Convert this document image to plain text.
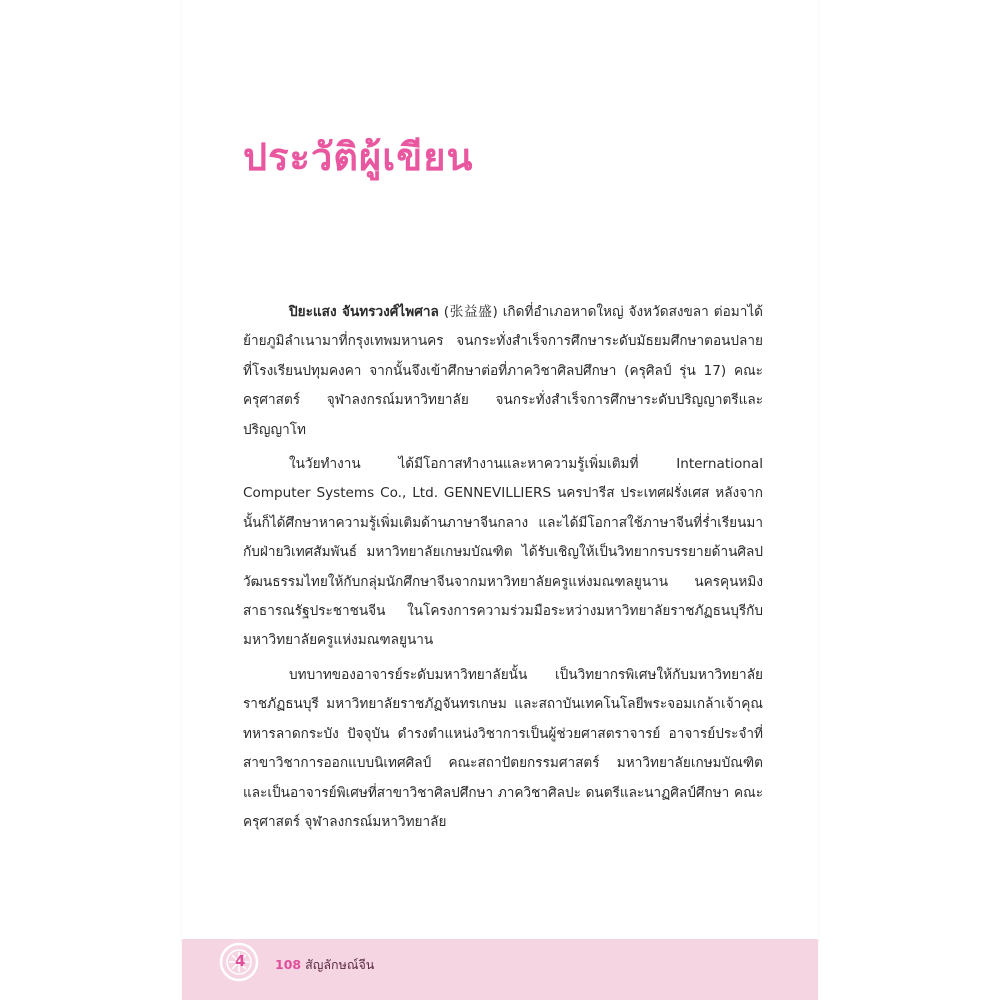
ประวัติผู้เขียน

ปิยะแสง จันทรวงศ์ไพศาล (张益盛) เกิดที่อำเภอหาดใหญ่ จังหวัดสงขลา ต่อมาได้ย้ายภูมิลำเนามาที่กรุงเทพมหานคร จนกระทั่งสำเร็จการศึกษาระดับมัธยมศึกษาตอนปลายที่โรงเรียนปทุมคงคา จากนั้นจึงเข้าศึกษาต่อที่ภาควิชาศิลปศึกษา (ครุศิลป์ รุ่น 17) คณะครุศาสตร์ จุฬาลงกรณ์มหาวิทยาลัย จนกระทั่งสำเร็จการศึกษาระดับปริญญาตรีและปริญญาโท

ในวัยทำงาน ได้มีโอกาสทำงานและหาความรู้เพิ่มเติมที่ International Computer Systems Co., Ltd. GENNEVILLIERS นครปารีส ประเทศฝรั่งเศส หลังจากนั้นก็ได้ศึกษาหาความรู้เพิ่มเติมด้านภาษาจีนกลาง และได้มีโอกาสใช้ภาษาจีนที่ร่ำเรียนมากับฝ่ายวิเทศสัมพันธ์ มหาวิทยาลัยเกษมบัณฑิต ได้รับเชิญให้เป็นวิทยากรบรรยายด้านศิลปวัฒนธรรมไทยให้กับกลุ่มนักศึกษาจีนจากมหาวิทยาลัยครูแห่งมณฑลยูนาน นครคุนหมิง สาธารณรัฐประชาชนจีน ในโครงการความร่วมมือระหว่างมหาวิทยาลัยราชภัฏธนบุรีกับมหาวิทยาลัยครูแห่งมณฑลยูนาน

บทบาทของอาจารย์ระดับมหาวิทยาลัยนั้น เป็นวิทยากรพิเศษให้กับมหาวิทยาลัยราชภัฏธนบุรี มหาวิทยาลัยราชภัฏจันทรเกษม และสถาบันเทคโนโลยีพระจอมเกล้าเจ้าคุณทหารลาดกระบัง ปัจจุบัน ดำรงตำแหน่งวิชาการเป็นผู้ช่วยศาสตราจารย์ อาจารย์ประจำที่สาขาวิชาการออกแบบนิเทศศิลป์ คณะสถาปัตยกรรมศาสตร์ มหาวิทยาลัยเกษมบัณฑิต และเป็นอาจารย์พิเศษที่สาขาวิชาศิลปศึกษา ภาควิชาศิลปะ ดนตรีและนาฏศิลป์ศึกษา คณะครุศาสตร์ จุฬาลงกรณ์มหาวิทยาลัย

4 108 สัญลักษณ์จีน
